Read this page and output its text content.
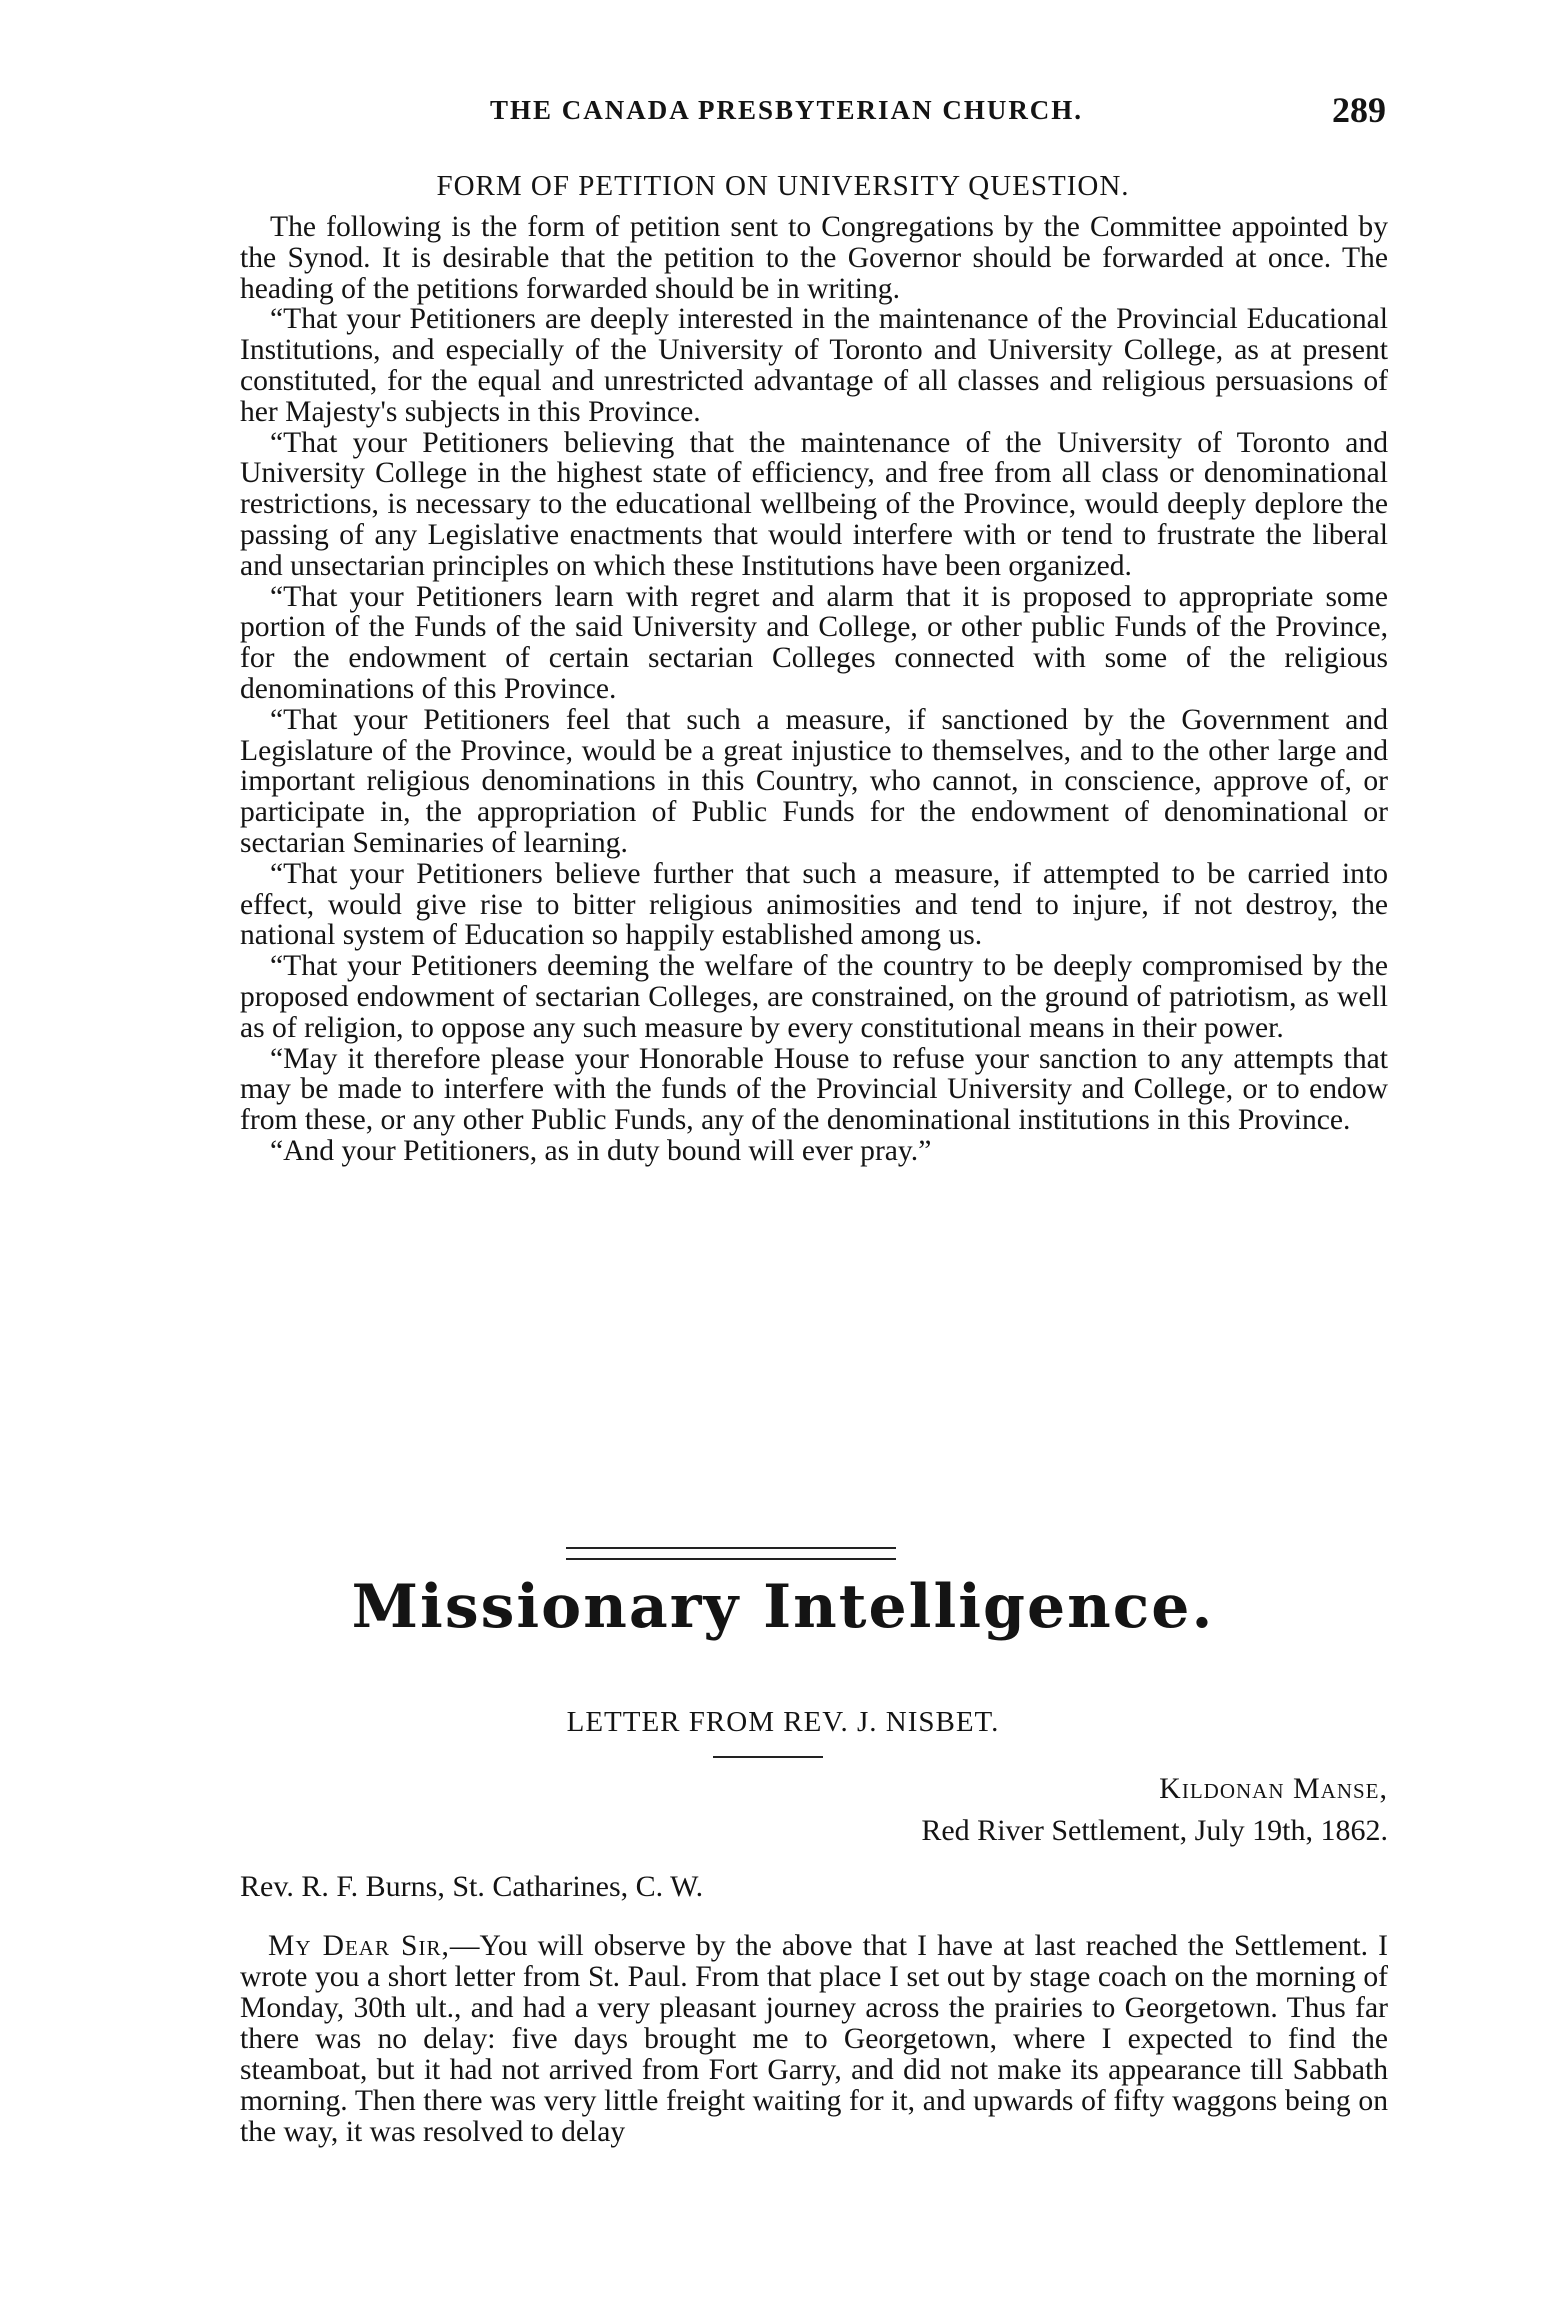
THE CANADA PRESBYTERIAN CHURCH.	289
FORM OF PETITION ON UNIVERSITY QUESTION.

The following is the form of petition sent to Congregations by the Committee appointed by the Synod. It is desirable that the petition to the Governor should be forwarded at once. The heading of the petitions forwarded should be in writing.

“That your Petitioners are deeply interested in the maintenance of the Provincial Educational Institutions, and especially of the University of Toronto and University College, as at present constituted, for the equal and unrestricted advantage of all classes and religious persuasions of her Majesty's subjects in this Province.

“That your Petitioners believing that the maintenance of the University of Toronto and University College in the highest state of efficiency, and free from all class or denominational restrictions, is necessary to the educational wellbeing of the Province, would deeply deplore the passing of any Legislative enactments that would interfere with or tend to frustrate the liberal and unsectarian principles on which these Institutions have been organized.

“That your Petitioners learn with regret and alarm that it is proposed to appropriate some portion of the Funds of the said University and College, or other public Funds of the Province, for the endowment of certain sectarian Colleges connected with some of the religious denominations of this Province.

“That your Petitioners feel that such a measure, if sanctioned by the Government and Legislature of the Province, would be a great injustice to themselves, and to the other large and important religious denominations in this Country, who cannot, in conscience, approve of, or participate in, the appropriation of Public Funds for the endowment of denominational or sectarian Seminaries of learning.

“That your Petitioners believe further that such a measure, if attempted to be carried into effect, would give rise to bitter religious animosities and tend to injure, if not destroy, the national system of Education so happily established among us.

“That your Petitioners deeming the welfare of the country to be deeply compromised by the proposed endowment of sectarian Colleges, are constrained, on the ground of patriotism, as well as of religion, to oppose any such measure by every constitutional means in their power.

“May it therefore please your Honorable House to refuse your sanction to any attempts that may be made to interfere with the funds of the Provincial University and College, or to endow from these, or any other Public Funds, any of the denominational institutions in this Province.

“And your Petitioners, as in duty bound will ever pray.”

Missionary Intelligence.
LETTER FROM REV. J. NISBET.
Kildonan Manse,
Red River Settlement, July 19th, 1862.
Rev. R. F. Burns, St. Catharines, C. W.

My Dear Sir,—You will observe by the above that I have at last reached the Settlement. I wrote you a short letter from St. Paul. From that place I set out by stage coach on the morning of Monday, 30th ult., and had a very pleasant journey across the prairies to Georgetown. Thus far there was no delay: five days brought me to Georgetown, where I expected to find the steamboat, but it had not arrived from Fort Garry, and did not make its appearance till Sabbath morning. Then there was very little freight waiting for it, and upwards of fifty waggons being on the way, it was resolved to delay
